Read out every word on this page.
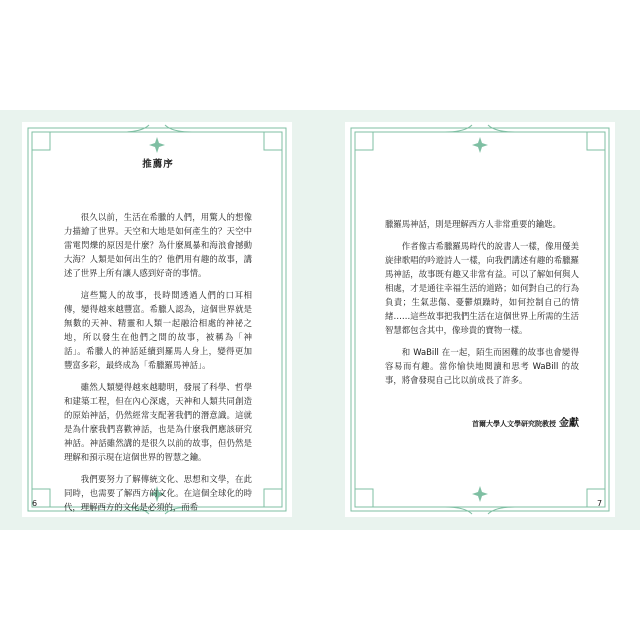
推薦序

很久以前，生活在希臘的人們，用驚人的想像力描繪了世界。天空和大地是如何產生的？天空中雷電閃爍的原因是什麼？為什麼風暴和海浪會撼動大海？人類是如何出生的？他們用有趣的故事，講述了世界上所有讓人感到好奇的事情。

這些驚人的故事，長時間透過人們的口耳相傳，變得越來越豐富。希臘人認為，這個世界就是無數的天神、精靈和人類一起融洽相處的神祕之地，所以發生在他們之間的故事，被稱為「神話」。希臘人的神話延續到羅馬人身上，變得更加豐富多彩，最終成為「希臘羅馬神話」。

雖然人類變得越來越聰明，發展了科學、哲學和建築工程，但在內心深處，天神和人類共同創造的原始神話，仍然經常支配著我們的潛意識。這就是為什麼我們喜歡神話，也是為什麼我們應該研究神話。神話雖然講的是很久以前的故事，但仍然是理解和預示現在這個世界的智慧之鑰。

我們要努力了解傳統文化、思想和文學，在此同時，也需要了解西方的文化。在這個全球化的時代，理解西方的文化是必須的，而希

6

臘羅馬神話，則是理解西方人非常重要的鑰匙。

作者像古希臘羅馬時代的說書人一樣，像用優美旋律歌唱的吟遊詩人一樣，向我們講述有趣的希臘羅馬神話，故事既有趣又非常有益。可以了解如何與人相處，才是通往幸福生活的道路；如何對自己的行為負責；生氣悲傷、憂鬱煩躁時，如何控制自己的情緒……這些故事把我們生活在這個世界上所需的生活智慧都包含其中，像珍貴的寶物一樣。

和 WaBill 在一起，陌生而困難的故事也會變得容易而有趣。當你愉快地閱讀和思考 WaBill 的故事，將會發現自己比以前成長了許多。

首爾大學人文學研究院教授 金獻
7
